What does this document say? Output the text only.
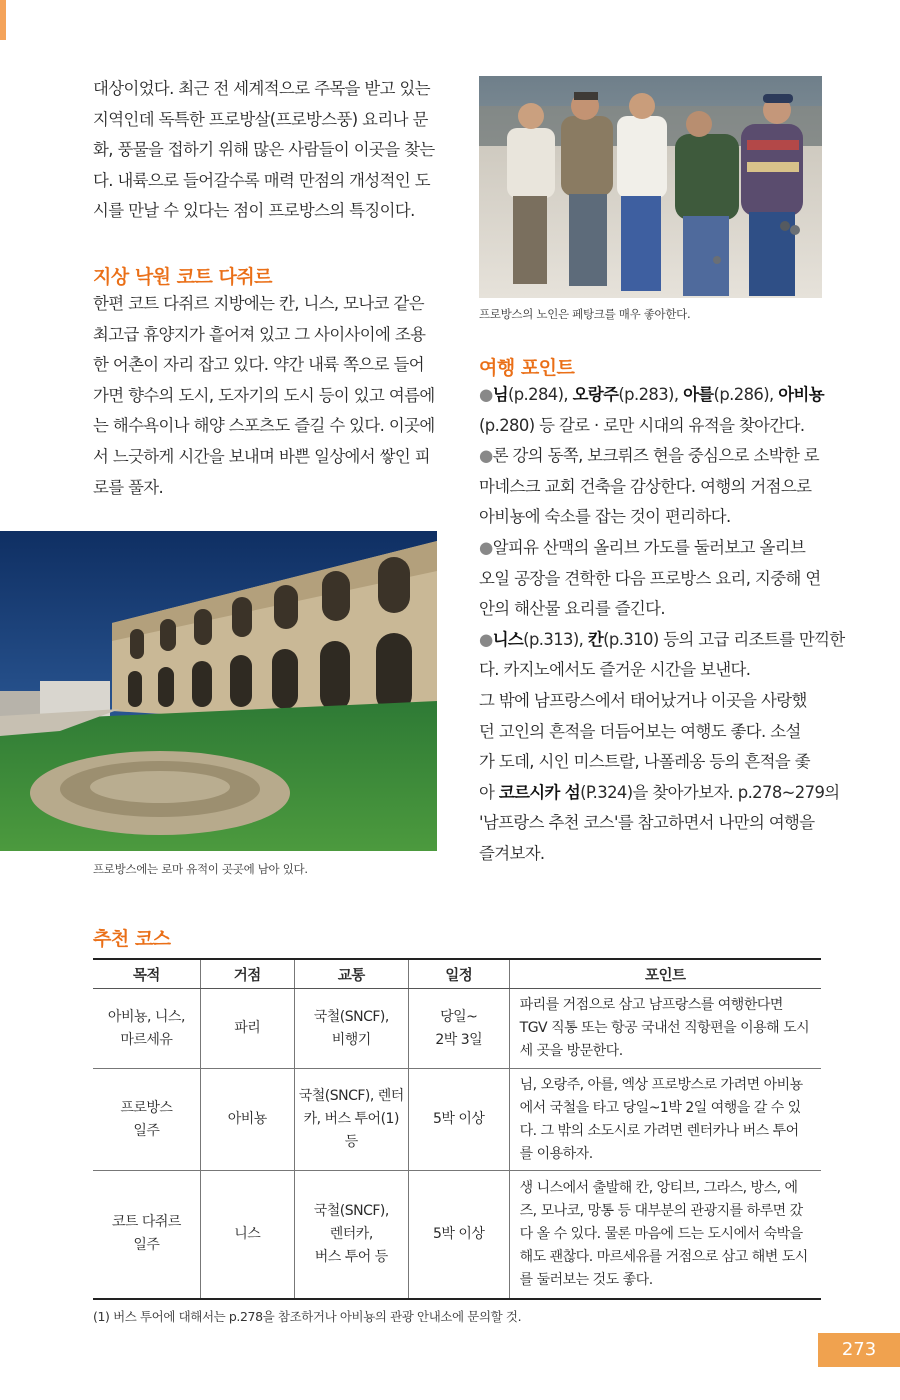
대상이었다. 최근 전 세계적으로 주목을 받고 있는
지역인데 독특한 프로방살(프로방스풍) 요리나 문
화, 풍물을 접하기 위해 많은 사람들이 이곳을 찾는
다. 내륙으로 들어갈수록 매력 만점의 개성적인 도
시를 만날 수 있다는 점이 프로방스의 특징이다.
지상 낙원 코트 다쥐르
한편 코트 다쥐르 지방에는 칸, 니스, 모나코 같은
최고급 휴양지가 흩어져 있고 그 사이사이에 조용
한 어촌이 자리 잡고 있다. 약간 내륙 쪽으로 들어
가면 향수의 도시, 도자기의 도시 등이 있고 여름에
는 해수욕이나 해양 스포츠도 즐길 수 있다. 이곳에
서 느긋하게 시간을 보내며 바쁜 일상에서 쌓인 피
로를 풀자.
프로방스의 노인은 페탕크를 매우 좋아한다.
여행 포인트
●님(p.284), 오랑주(p.283), 아를(p.286), 아비뇽
(p.280) 등 갈로 · 로만 시대의 유적을 찾아간다.
●론 강의 동쪽, 보크뤼즈 현을 중심으로 소박한 로
마네스크 교회 건축을 감상한다. 여행의 거점으로
아비뇽에 숙소를 잡는 것이 편리하다.
●알피유 산맥의 올리브 가도를 둘러보고 올리브
오일 공장을 견학한 다음 프로방스 요리, 지중해 연
안의 해산물 요리를 즐긴다.
●니스(p.313), 칸(p.310) 등의 고급 리조트를 만끽한
다. 카지노에서도 즐거운 시간을 보낸다.
그 밖에 남프랑스에서 태어났거나 이곳을 사랑했
던 고인의 흔적을 더듬어보는 여행도 좋다. 소설
가 도데, 시인 미스트랄, 나폴레옹 등의 흔적을 좇
아 코르시카 섬(P.324)을 찾아가보자. p.278~279의
'남프랑스 추천 코스'를 참고하면서 나만의 여행을
즐겨보자.
프로방스에는 로마 유적이 곳곳에 남아 있다.
추천 코스
목적	거점	교통	일정	포인트

아비뇽, 니스,
마르세유	파리	국철(SNCF),
비행기	당일~
2박 3일	파리를 거점으로 삼고 남프랑스를 여행한다면
TGV 직통 또는 항공 국내선 직항편을 이용해 도시
세 곳을 방문한다.

프로방스
일주	아비뇽	국철(SNCF), 렌터
카, 버스 투어(1)
등	5박 이상	님, 오랑주, 아를, 엑상 프로방스로 가려면 아비뇽
에서 국철을 타고 당일~1박 2일 여행을 갈 수 있
다. 그 밖의 소도시로 가려면 렌터카나 버스 투어
를 이용하자.

코트 다쥐르
일주	니스	국철(SNCF),
렌터카,
버스 투어 등	5박 이상	생 니스에서 출발해 칸, 앙티브, 그라스, 방스, 에
즈, 모나코, 망통 등 대부분의 관광지를 하루면 갔
다 올 수 있다. 물론 마음에 드는 도시에서 숙박을
해도 괜찮다. 마르세유를 거점으로 삼고 해변 도시
를 둘러보는 것도 좋다.
(1) 버스 투어에 대해서는 p.278을 참조하거나 아비뇽의 관광 안내소에 문의할 것.
273
